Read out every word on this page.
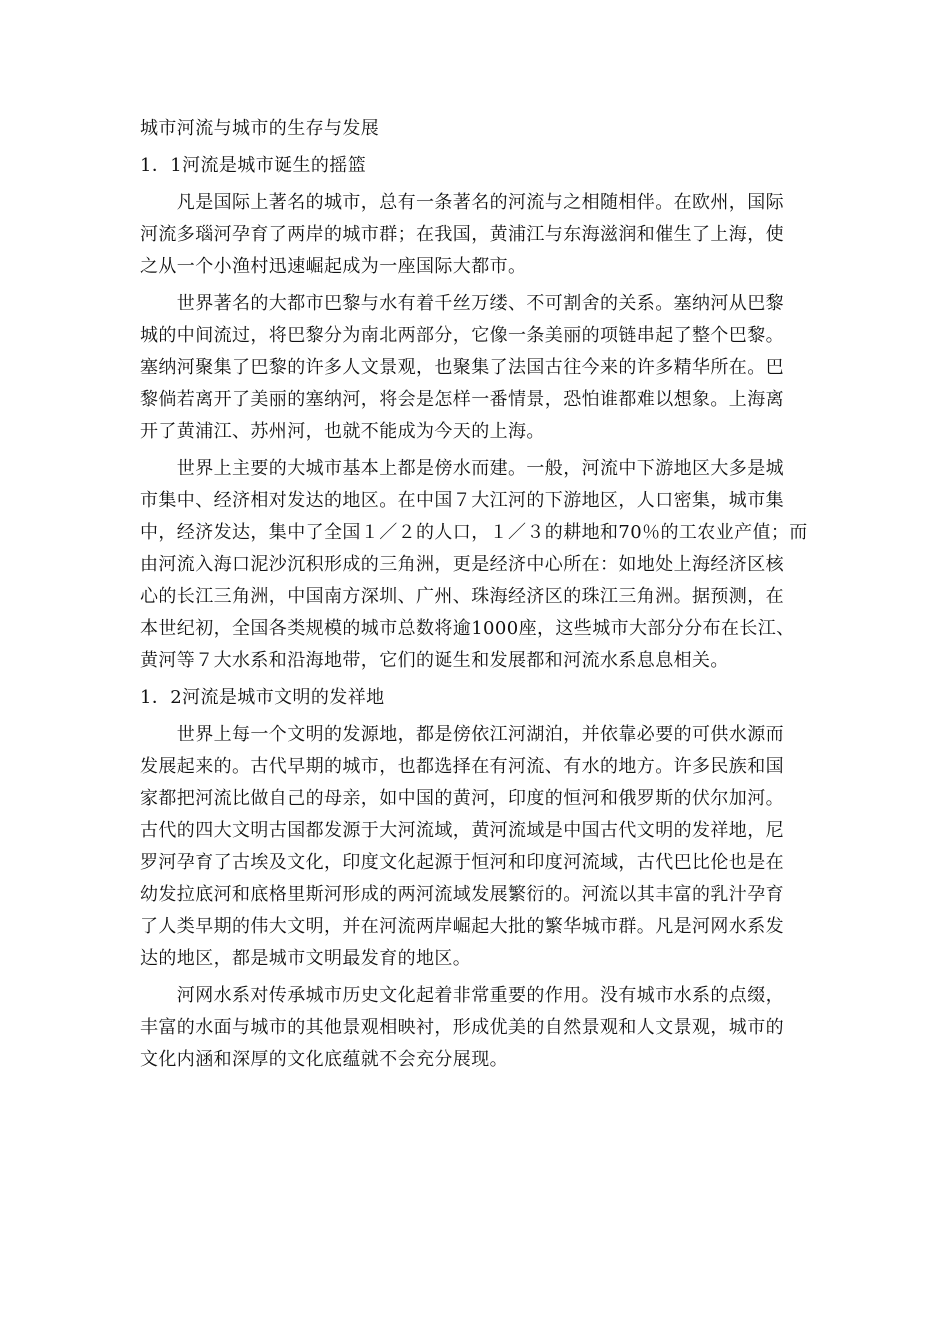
城市河流与城市的生存与发展

1．1河流是城市诞生的摇篮

　　凡是国际上著名的城市，总有一条著名的河流与之相随相伴。在欧州，国际

河流多瑙河孕育了两岸的城市群；在我国，黄浦江与东海滋润和催生了上海，使

之从一个小渔村迅速崛起成为一座国际大都市。

　　世界著名的大都市巴黎与水有着千丝万缕、不可割舍的关系。塞纳河从巴黎

城的中间流过，将巴黎分为南北两部分，它像一条美丽的项链串起了整个巴黎。

塞纳河聚集了巴黎的许多人文景观，也聚集了法国古往今来的许多精华所在。巴

黎倘若离开了美丽的塞纳河，将会是怎样一番情景，恐怕谁都难以想象。上海离

开了黄浦江、苏州河，也就不能成为今天的上海。

　　世界上主要的大城市基本上都是傍水而建。一般，河流中下游地区大多是城

市集中、经济相对发达的地区。在中国７大江河的下游地区，人口密集，城市集

中，经济发达，集中了全国１／２的人口，１／３的耕地和70％的工农业产值；而

由河流入海口泥沙沉积形成的三角洲，更是经济中心所在：如地处上海经济区核

心的长江三角洲，中国南方深圳、广州、珠海经济区的珠江三角洲。据预测，在

本世纪初，全国各类规模的城市总数将逾1000座，这些城市大部分分布在长江、

黄河等７大水系和沿海地带，它们的诞生和发展都和河流水系息息相关。

1．2河流是城市文明的发祥地

　　世界上每一个文明的发源地，都是傍依江河湖泊，并依靠必要的可供水源而

发展起来的。古代早期的城市，也都选择在有河流、有水的地方。许多民族和国

家都把河流比做自己的母亲，如中国的黄河，印度的恒河和俄罗斯的伏尔加河。

古代的四大文明古国都发源于大河流域，黄河流域是中国古代文明的发祥地，尼

罗河孕育了古埃及文化，印度文化起源于恒河和印度河流域，古代巴比伦也是在

幼发拉底河和底格里斯河形成的两河流域发展繁衍的。河流以其丰富的乳汁孕育

了人类早期的伟大文明，并在河流两岸崛起大批的繁华城市群。凡是河网水系发

达的地区，都是城市文明最发育的地区。

　　河网水系对传承城市历史文化起着非常重要的作用。没有城市水系的点缀，

丰富的水面与城市的其他景观相映衬，形成优美的自然景观和人文景观，城市的

文化内涵和深厚的文化底蕴就不会充分展现。
